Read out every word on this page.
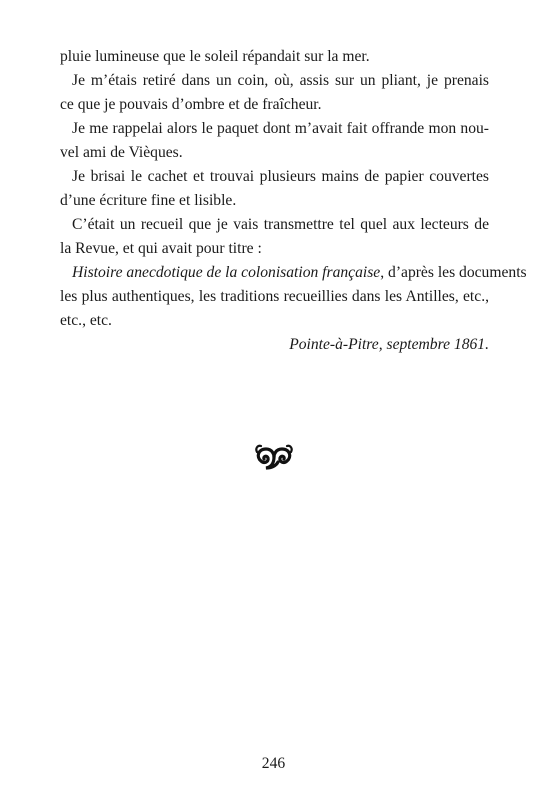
pluie lumineuse que le soleil répandait sur la mer.
Je m’étais retiré dans un coin, où, assis sur un pliant, je prenais
ce que je pouvais d’ombre et de fraîcheur.
Je me rappelai alors le paquet dont m’avait fait offrande mon nou-
vel ami de Vièques.
Je brisai le cachet et trouvai plusieurs mains de papier couvertes
d’une écriture fine et lisible.
C’était un recueil que je vais transmettre tel quel aux lecteurs de
la Revue, et qui avait pour titre :
Histoire anecdotique de la colonisation française, d’après les documents
les plus authentiques, les traditions recueillies dans les Antilles, etc.,
etc., etc.
Pointe-à-Pitre, septembre 1861.
246
